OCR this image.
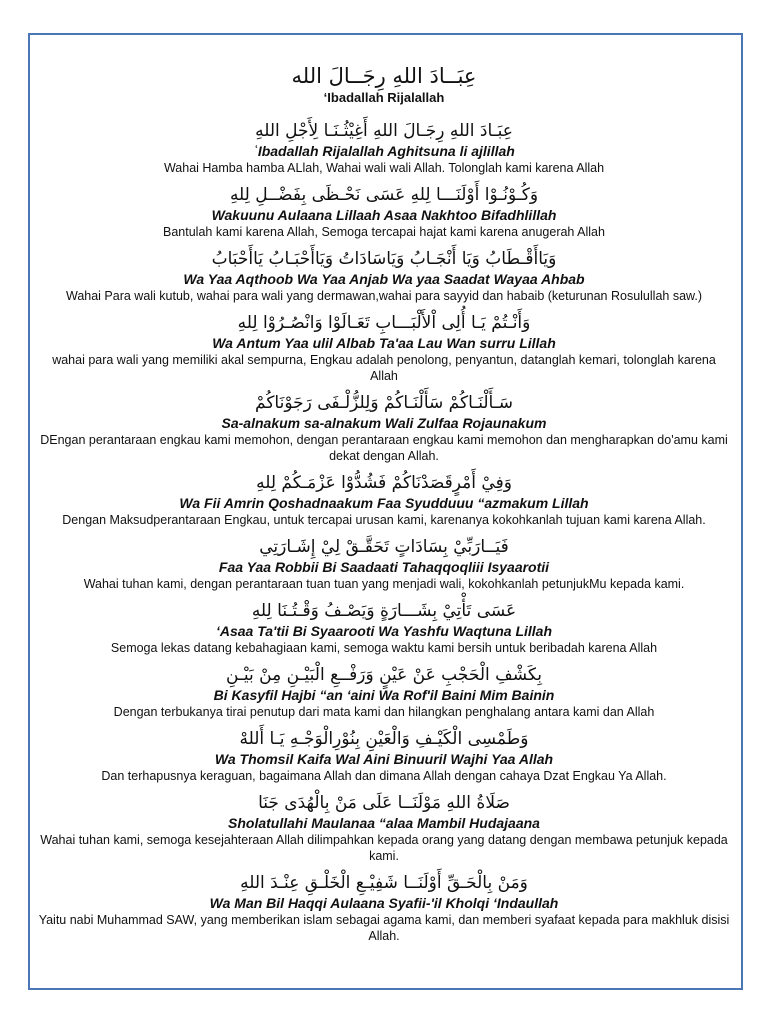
عِبَــادَ اللهِ رِجَــالَ الله
‘Ibadallah Rijalallah
عِبَـادَ اللهِ رِجَـالَ اللهِ أَغِيْثُـنَـا لِأَجْلِ اللهِ
ʿIbadallah Rijalallah Aghitsuna li ajlillah
Wahai Hamba hamba ALlah, Wahai wali wali Allah. Tolonglah kami karena Allah
وَكُـوْنُـوْا أَوْلَنَـــا لِلهِ عَسَى نَحْـظَى بِفَضْــلِ لِلهِ
Wakuunu Aulaana Lillaah Asaa Nakhtoo Bifadhlillah
Bantulah kami karena Allah, Semoga tercapai hajat kami karena anugerah Allah
وَيَاأَقْـطَابُ وَيَا أَنْجَـابُ وَيَاسَادَاتُ وَيَاأَحْبَـابُ يَاأَحْبَابُ
Wa Yaa Aqthoob Wa Yaa Anjab Wa yaa Saadat Wayaa Ahbab
Wahai Para wali kutub, wahai para wali yang dermawan,wahai para sayyid dan habaib (keturunan Rosulullah saw.)
وَأَنْـتُمْ يَـا أُلِى اْلأَلْبَـــابِ تَعَـالَوْا وَانْصُـرُوْا لِلهِ
Wa Antum Yaa ulil Albab Ta'aa Lau Wan surru Lillah
wahai para wali yang memiliki akal sempurna, Engkau adalah penolong, penyantun, datanglah kemari, tolonglah karena Allah
سَـأَلْنَـاكُمْ سَأَلْنَـاكُمْ وَلِلزُّلْـفَى رَجَوْنَاكُمْ
Sa-alnakum sa-alnakum Wali Zulfaa Rojaunakum
DEngan perantaraan engkau kami memohon, dengan perantaraan engkau kami memohon dan mengharapkan do'amu kami dekat dengan Allah.
وَفِيْ أَمْرٍقَصَدْنَاكُمْ فَشُدُّوْا عَزْمَـكُمْ لِلهِ
Wa Fii Amrin Qoshadnaakum Faa Syudduuu “azmakum Lillah
Dengan Maksudperantaraan Engkau, untuk tercapai urusan kami, karenanya kokohkanlah tujuan kami karena Allah.
فَيَــارَبِّيْ بِسَادَاتٍ تَحَقَّـقْ لِيْ إِشَـارَتِي
Faa Yaa Robbii Bi Saadaati Tahaqqoqliii Isyaarotii
Wahai tuhan kami, dengan perantaraan tuan tuan yang menjadi wali, kokohkanlah petunjukMu kepada kami.
عَسَى تَأْتِيْ بِشَـــارَةٍ وَيَصْـفُ وَقْـتُـنَا لِلهِ
‘Asaa Ta'tii Bi Syaarooti Wa Yashfu Waqtuna Lillah
Semoga lekas datang kebahagiaan kami, semoga waktu kami bersih untuk beribadah karena Allah
بِكَشْفِ الْحَجْبِ عَنْ عَيْنٍ وَرَفْــعِ الْبَيْـنِ مِنْ بَيْـنِ
Bi Kasyfil Hajbi “an ‘aini Wa Rof'il Baini Mim Bainin
Dengan terbukanya tirai penutup dari mata kami dan hilangkan penghalang antara kami dan Allah
وَطَمْسِى الْكَيْـفِ وَالْعَيْنِ بِنُوْرِالْوَجْـهِ يَـا أَللهْ
Wa Thomsil Kaifa Wal Aini Binuuril Wajhi Yaa Allah
Dan terhapusnya keraguan, bagaimana Allah dan dimana Allah dengan cahaya Dzat Engkau Ya Allah.
صَلَاةُ اللهِ مَوْلَنَــا عَلَى مَنْ بِالْهُدَى جَنَا
Sholatullahi Maulanaa “alaa Mambil Hudajaana
Wahai tuhan kami, semoga kesejahteraan Allah dilimpahkan kepada orang yang datang dengan membawa petunjuk kepada kami.
وَمَنْ بِالْحَـقِّ أَوْلَنَــا شَفِيْـعِ الْخَلْـقِ عِنْـدَ اللهِ
Wa Man Bil Haqqi Aulaana Syafii-'il Kholqi ‘Indaullah
Yaitu nabi Muhammad SAW, yang memberikan islam sebagai agama kami, dan memberi syafaat kepada para makhluk disisi Allah.
